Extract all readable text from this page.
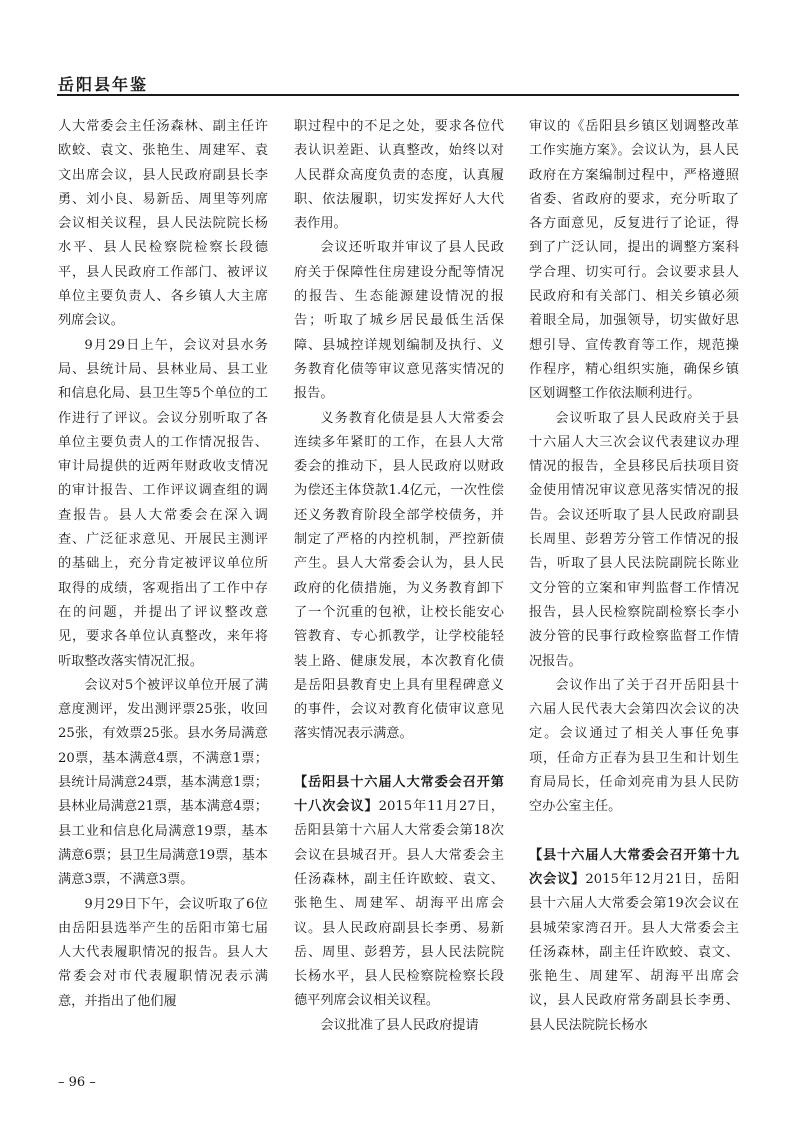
岳阳县年鉴

人大常委会主任汤森林、副主任许欧蛟、袁文、张艳生、周建军、袁文出席会议，县人民政府副县长李勇、刘小良、易新岳、周里等列席会议相关议程，县人民法院院长杨水平、县人民检察院检察长段德平，县人民政府工作部门、被评议单位主要负责人、各乡镇人大主席列席会议。

9月29日上午，会议对县水务局、县统计局、县林业局、县工业和信息化局、县卫生等5个单位的工作进行了评议。会议分别听取了各单位主要负责人的工作情况报告、审计局提供的近两年财政收支情况的审计报告、工作评议调查组的调查报告。县人大常委会在深入调查、广泛征求意见、开展民主测评的基础上，充分肯定被评议单位所取得的成绩，客观指出了工作中存在的问题，并提出了评议整改意见，要求各单位认真整改，来年将听取整改落实情况汇报。

会议对5个被评议单位开展了满意度测评，发出测评票25张，收回25张，有效票25张。县水务局满意20票，基本满意4票，不满意1票；县统计局满意24票，基本满意1票；县林业局满意21票，基本满意4票；县工业和信息化局满意19票，基本满意6票；县卫生局满意19票，基本满意3票，不满意3票。

9月29日下午，会议听取了6位由岳阳县选举产生的岳阳市第七届人大代表履职情况的报告。县人大常委会对市代表履职情况表示满意，并指出了他们履

职过程中的不足之处，要求各位代表认识差距、认真整改，始终以对人民群众高度负责的态度，认真履职、依法履职，切实发挥好人大代表作用。

会议还听取并审议了县人民政府关于保障性住房建设分配等情况的报告、生态能源建设情况的报告；听取了城乡居民最低生活保障、县城控详规划编制及执行、义务教育化债等审议意见落实情况的报告。

义务教育化债是县人大常委会连续多年紧盯的工作，在县人大常委会的推动下，县人民政府以财政为偿还主体贷款1.4亿元，一次性偿还义务教育阶段全部学校债务，并制定了严格的内控机制，严控新债产生。县人大常委会认为，县人民政府的化债措施，为义务教育卸下了一个沉重的包袱，让校长能安心管教育、专心抓教学，让学校能轻装上路、健康发展，本次教育化债是岳阳县教育史上具有里程碑意义的事件，会议对教育化债审议意见落实情况表示满意。

【岳阳县十六届人大常委会召开第十八次会议】2015年11月27日，岳阳县第十六届人大常委会第18次会议在县城召开。县人大常委会主任汤森林，副主任许欧蛟、袁文、张艳生、周建军、胡海平出席会议。县人民政府副县长李勇、易新岳、周里、彭碧芳，县人民法院院长杨水平，县人民检察院检察长段德平列席会议相关议程。

会议批准了县人民政府提请

审议的《岳阳县乡镇区划调整改革工作实施方案》。会议认为，县人民政府在方案编制过程中，严格遵照省委、省政府的要求，充分听取了各方面意见，反复进行了论证，得到了广泛认同，提出的调整方案科学合理、切实可行。会议要求县人民政府和有关部门、相关乡镇必须着眼全局，加强领导，切实做好思想引导、宣传教育等工作，规范操作程序，精心组织实施，确保乡镇区划调整工作依法顺利进行。

会议听取了县人民政府关于县十六届人大三次会议代表建议办理情况的报告，全县移民后扶项目资金使用情况审议意见落实情况的报告。会议还听取了县人民政府副县长周里、彭碧芳分管工作情况的报告，听取了县人民法院副院长陈业文分管的立案和审判监督工作情况报告，县人民检察院副检察长李小波分管的民事行政检察监督工作情况报告。

会议作出了关于召开岳阳县十六届人民代表大会第四次会议的决定。会议通过了相关人事任免事项，任命方正春为县卫生和计划生育局局长，任命刘亮甫为县人民防空办公室主任。

【县十六届人大常委会召开第十九次会议】2015年12月21日，岳阳县十六届人大常委会第19次会议在县城荣家湾召开。县人大常委会主任汤森林，副主任许欧蛟、袁文、张艳生、周建军、胡海平出席会议，县人民政府常务副县长李勇、县人民法院院长杨水

– 96 –
